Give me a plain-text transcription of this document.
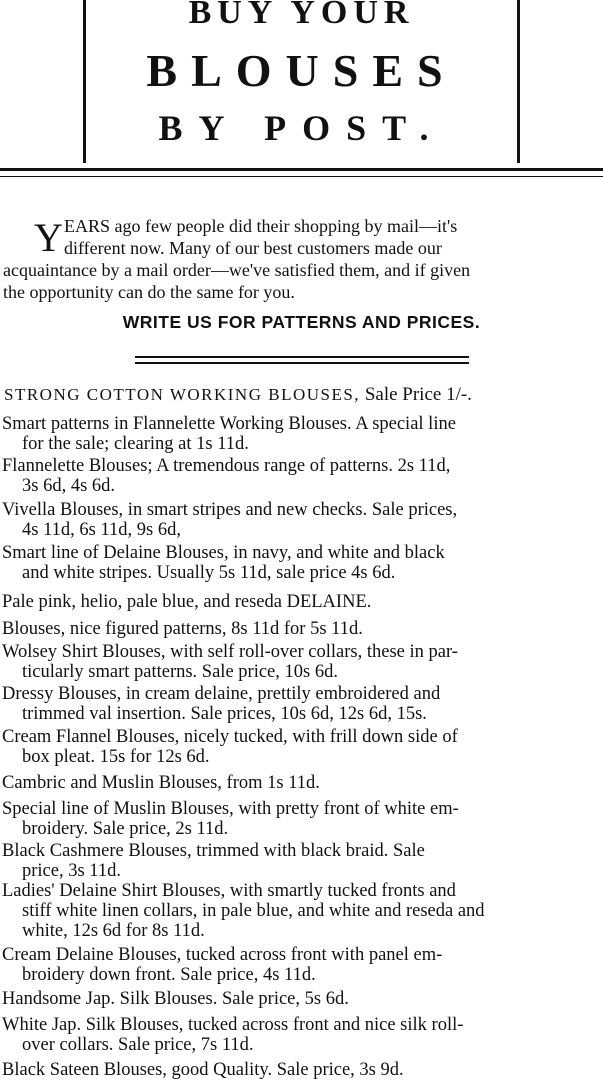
BUY YOUR
BLOUSES
BY POST.
Y EARS ago few people did their shopping by mail—it's
different now. Many of our best customers made our
acquaintance by a mail order—we've satisfied them, and if given
the opportunity can do the same for you.
WRITE US FOR PATTERNS AND PRICES.
STRONG COTTON WORKING BLOUSES, Sale Price 1/-.
Smart patterns in Flannelette Working Blouses. A special line
for the sale; clearing at 1s 11d.
Flannelette Blouses; A tremendous range of patterns. 2s 11d,
3s 6d, 4s 6d.
Vivella Blouses, in smart stripes and new checks. Sale prices,
4s 11d, 6s 11d, 9s 6d,
Smart line of Delaine Blouses, in navy, and white and black
and white stripes. Usually 5s 11d, sale price 4s 6d.
Pale pink, helio, pale blue, and reseda DELAINE.
Blouses, nice figured patterns, 8s 11d for 5s 11d.
Wolsey Shirt Blouses, with self roll-over collars, these in par-
ticularly smart patterns. Sale price, 10s 6d.
Dressy Blouses, in cream delaine, prettily embroidered and
trimmed val insertion. Sale prices, 10s 6d, 12s 6d, 15s.
Cream Flannel Blouses, nicely tucked, with frill down side of
box pleat. 15s for 12s 6d.
Cambric and Muslin Blouses, from 1s 11d.
Special line of Muslin Blouses, with pretty front of white em-
broidery. Sale price, 2s 11d.
Black Cashmere Blouses, trimmed with black braid. Sale
price, 3s 11d.
Ladies' Delaine Shirt Blouses, with smartly tucked fronts and
stiff white linen collars, in pale blue, and white and reseda and
white, 12s 6d for 8s 11d.
Cream Delaine Blouses, tucked across front with panel em-
broidery down front. Sale price, 4s 11d.
Handsome Jap. Silk Blouses. Sale price, 5s 6d.
White Jap. Silk Blouses, tucked across front and nice silk roll-
over collars. Sale price, 7s 11d.
Black Sateen Blouses, good Quality. Sale price, 3s 9d.
